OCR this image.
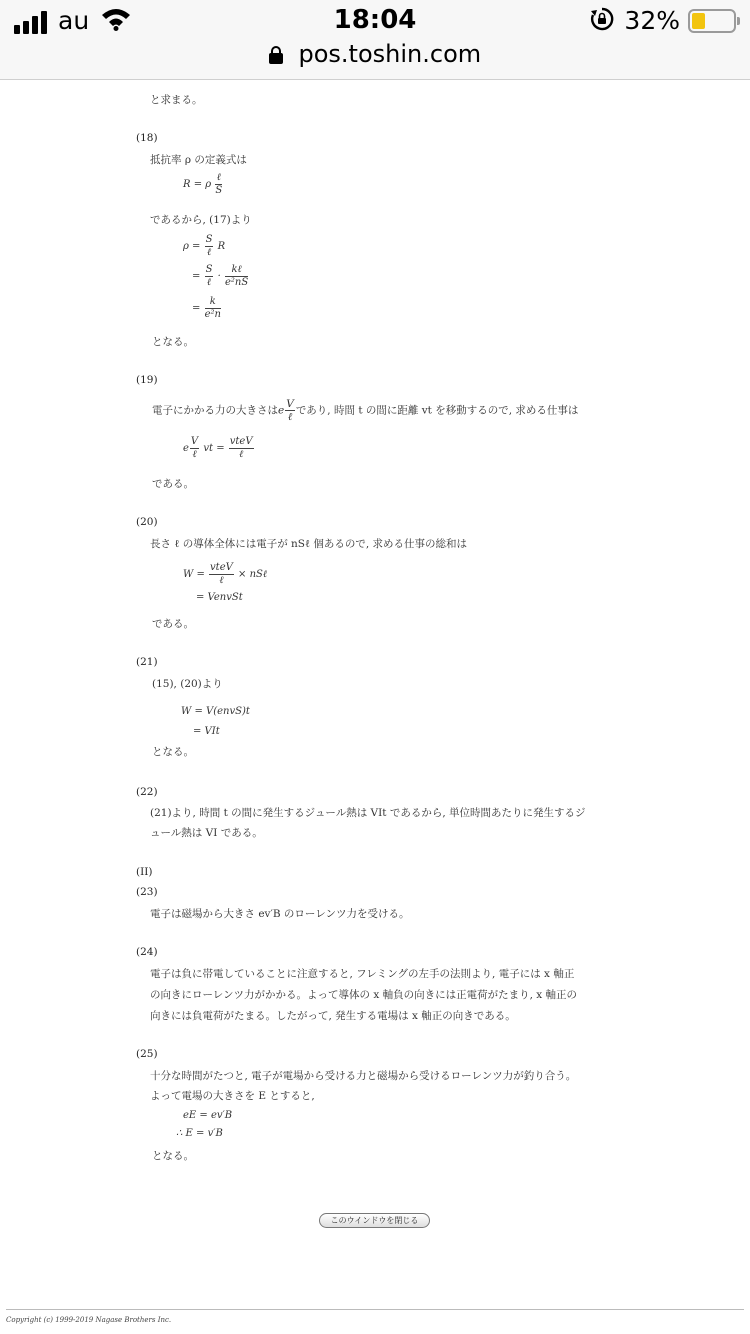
au	18:04	32%
pos.toshin.com
と求まる。
(18)
抵抗率 ρ の定義式は
R = ρ $\frac{\text{ℓ}}{S}$
であるから, (17)より
$\rho = \frac{S}{\text{ℓ}}$ R
= $\frac{S}{\text{ℓ}} \cdot \frac{\text{kℓ}}{\text{e²nS}}$
= $\frac{k}{\text{e²n}}$
となる。
(19)
電子にかかる力の大きさはe $\frac{V}{\text{ℓ}}$ であり, 時間 t の間に距離 vt を移動するので, 求める仕事は
e $\frac{V}{\text{ℓ}}$ vt = $\frac{\text{vteV}}{\text{ℓ}}$
である。
(20)
長さ ℓ の導体全体には電子が nSℓ 個あるので, 求める仕事の総和は
$W = \frac{\text{vteV}}{\text{ℓ}}$ × nSℓ
= VenvSt
である。
(21)
(15), (20)より
W = V(envS)t
= VIt
となる。
(22)
(21)より, 時間 t の間に発生するジュール熱は VIt であるから, 単位時間あたりに発生するジ
ュール熱は VI である。
(II)
(23)
電子は磁場から大きさ ev′B のローレンツ力を受ける。
(24)
電子は負に帯電していることに注意すると, フレミングの左手の法則より, 電子には x 軸正
の向きにローレンツ力がかかる。よって導体の x 軸負の向きには正電荷がたまり, x 軸正の
向きには負電荷がたまる。したがって, 発生する電場は x 軸正の向きである。
(25)
十分な時間がたつと, 電子が電場から受ける力と磁場から受けるローレンツ力が釣り合う。
よって電場の大きさを E とすると,
eE = ev′B
∴ E = v′B
となる。
このウインドウを閉じる
Copyright (c) 1999-2019 Nagase Brothers Inc.
